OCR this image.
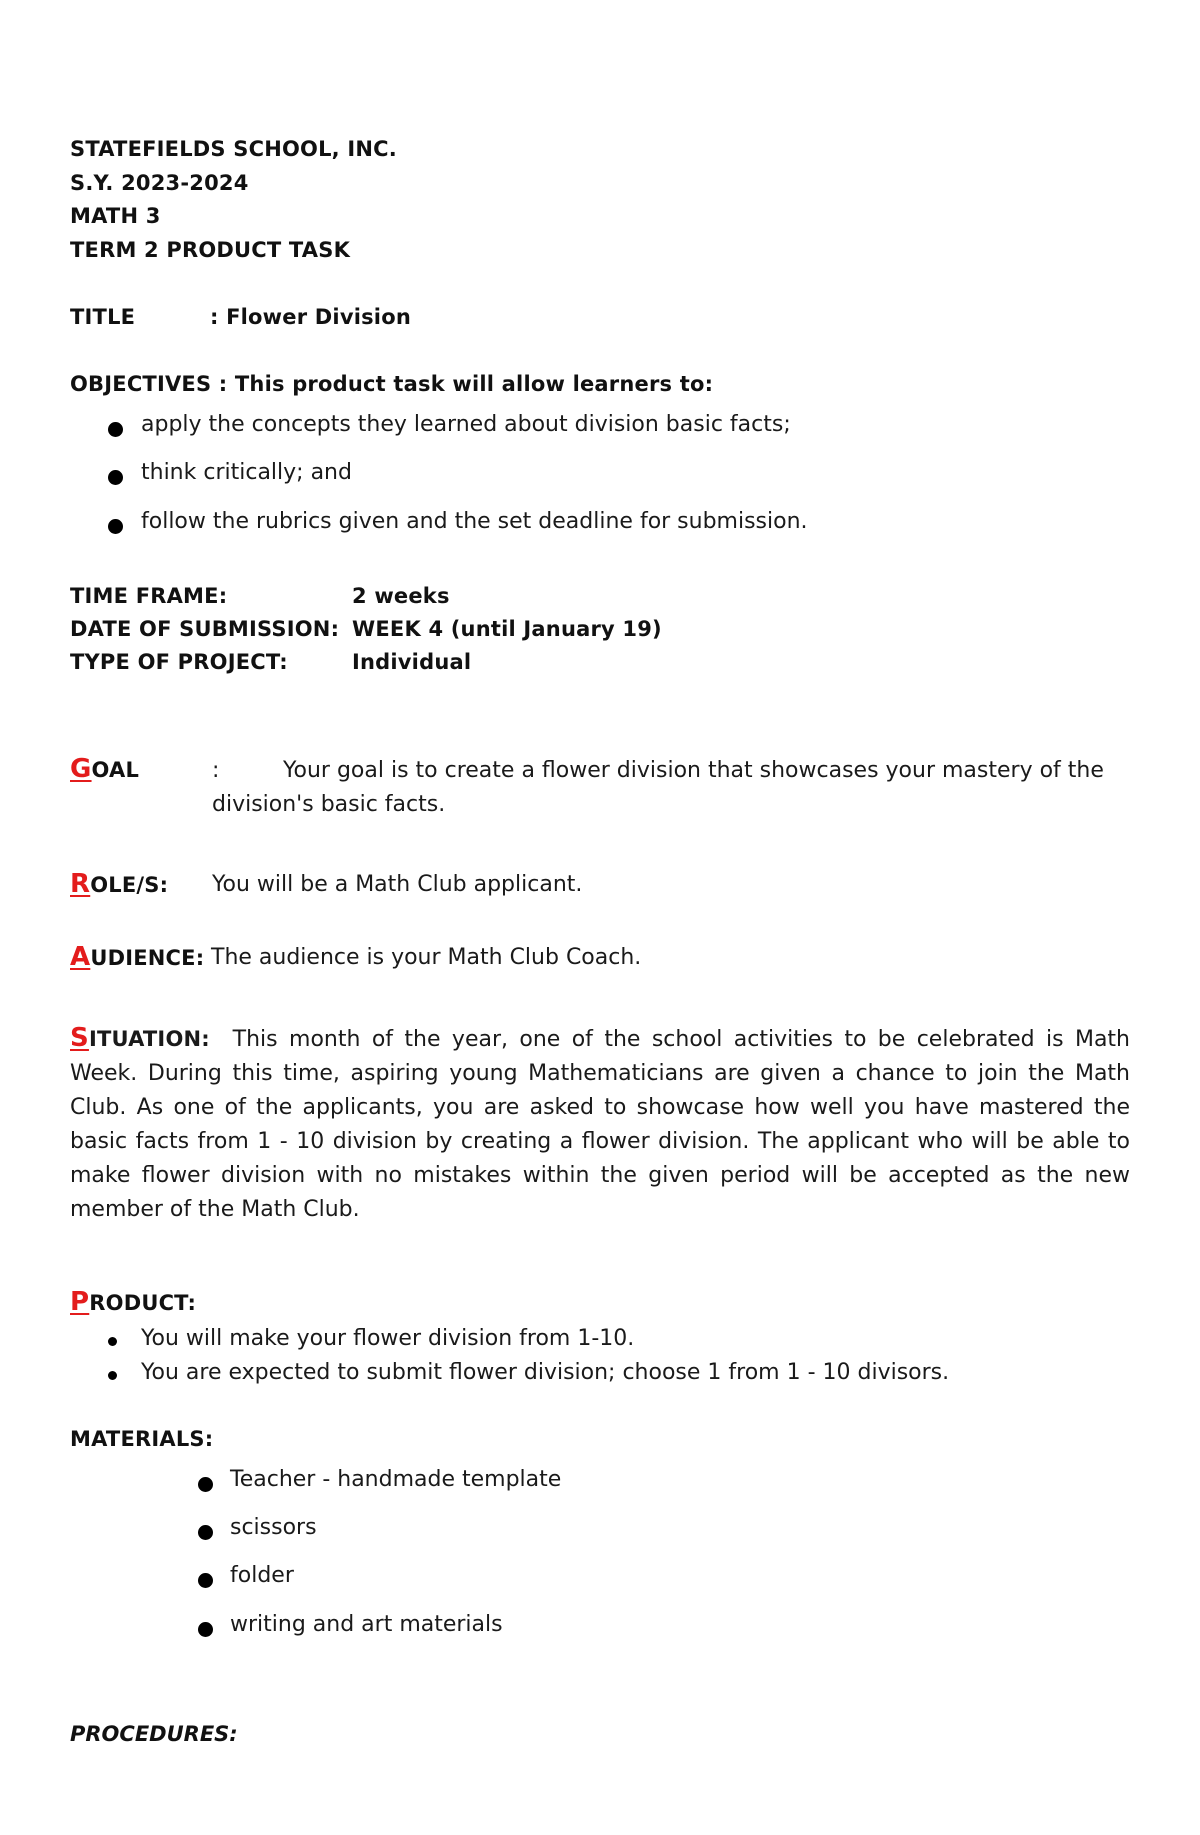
STATEFIELDS SCHOOL, INC.
S.Y. 2023-2024
MATH 3
TERM 2 PRODUCT TASK
TITLE	: Flower Division
OBJECTIVES : This product task will allow learners to:
apply the concepts they learned about division basic facts;
think critically; and
follow the rubrics given and the set deadline for submission.
TIME FRAME:	2 weeks
DATE OF SUBMISSION: WEEK 4 (until January 19)
TYPE OF PROJECT:	Individual
GOAL	:	Your goal is to create a flower division that showcases your mastery of the
division's basic facts.
ROLE/S: You will be a Math Club applicant.
AUDIENCE: The audience is your Math Club Coach.
SITUATION: This month of the year, one of the school activities to be celebrated is Math Week. During this time, aspiring young Mathematicians are given a chance to join the Math Club. As one of the applicants, you are asked to showcase how well you have mastered the basic facts from 1 - 10 division by creating a flower division. The applicant who will be able to make flower division with no mistakes within the given period will be accepted as the new member of the Math Club.
PRODUCT:
You will make your flower division from 1-10.
You are expected to submit flower division; choose 1 from 1 - 10 divisors.
MATERIALS:
Teacher - handmade template
scissors
folder
writing and art materials
PROCEDURES:
